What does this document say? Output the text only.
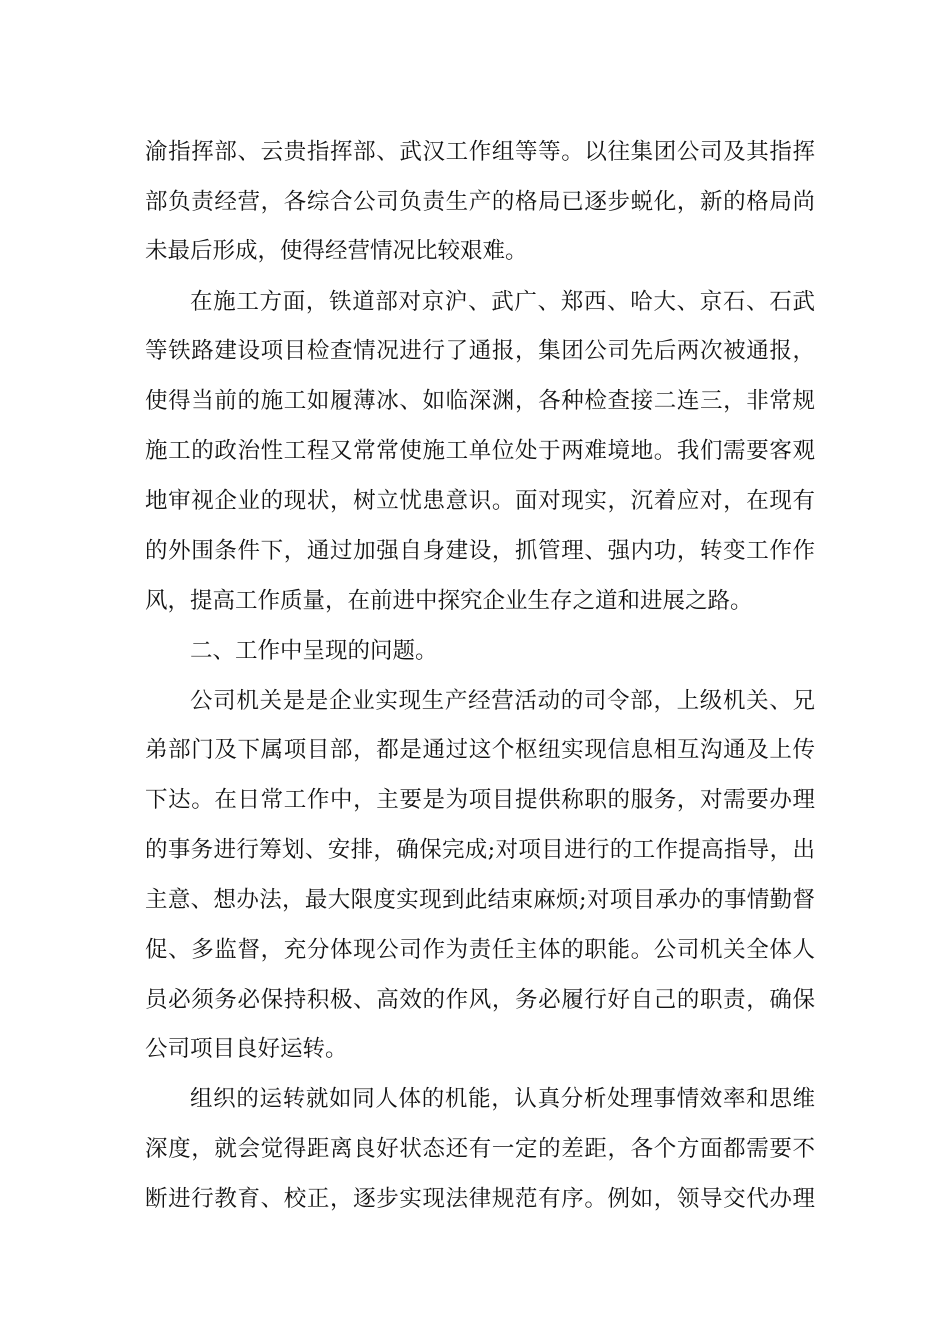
渝指挥部、云贵指挥部、武汉工作组等等。以往集团公司及其指挥
部负责经营，各综合公司负责生产的格局已逐步蜕化，新的格局尚
未最后形成，使得经营情况比较艰难。
在施工方面，铁道部对京沪、武广、郑西、哈大、京石、石武
等铁路建设项目检查情况进行了通报，集团公司先后两次被通报，
使得当前的施工如履薄冰、如临深渊，各种检查接二连三，非常规
施工的政治性工程又常常使施工单位处于两难境地。我们需要客观
地审视企业的现状，树立忧患意识。面对现实，沉着应对，在现有
的外围条件下，通过加强自身建设，抓管理、强内功，转变工作作
风，提高工作质量，在前进中探究企业生存之道和进展之路。
二、工作中呈现的问题。
公司机关是是企业实现生产经营活动的司令部，上级机关、兄
弟部门及下属项目部，都是通过这个枢纽实现信息相互沟通及上传
下达。在日常工作中，主要是为项目提供称职的服务，对需要办理
的事务进行筹划、安排，确保完成;对项目进行的工作提高指导，出
主意、想办法，最大限度实现到此结束麻烦;对项目承办的事情勤督
促、多监督，充分体现公司作为责任主体的职能。公司机关全体人
员必须务必保持积极、高效的作风，务必履行好自己的职责，确保
公司项目良好运转。
组织的运转就如同人体的机能，认真分析处理事情效率和思维
深度，就会觉得距离良好状态还有一定的差距，各个方面都需要不
断进行教育、校正，逐步实现法律规范有序。例如，领导交代办理
